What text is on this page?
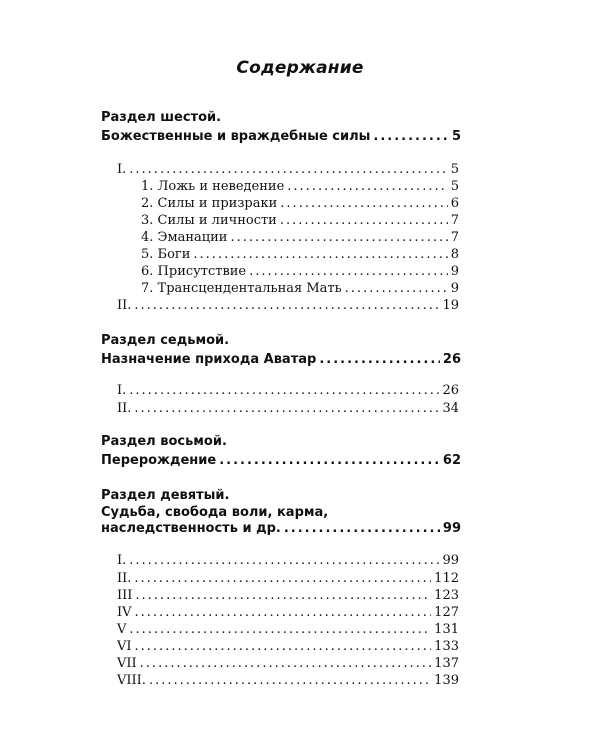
Содержание
Раздел шестой.
Божественные и враждебные силы .....	5
I. .....	5
1. Ложь и неведение .....	5
2. Силы и призраки .....	6
3. Силы и личности .....	7
4. Эманации .....	7
5. Боги .....	8
6. Присутствие .....	9
7. Трансцендентальная Мать .....	9
II. .....	19
Раздел седьмой.
Назначение прихода Аватар .....	26
I. .....	26
II. .....	34
Раздел восьмой.
Перерождение .....	62
Раздел девятый.
Судьба, свобода воли, карма,
наследственность и др. .....	99
I. .....	99
II. .....	112
III .....	123
IV .....	127
V .....	131
VI .....	133
VII .....	137
VIII. .....	139
